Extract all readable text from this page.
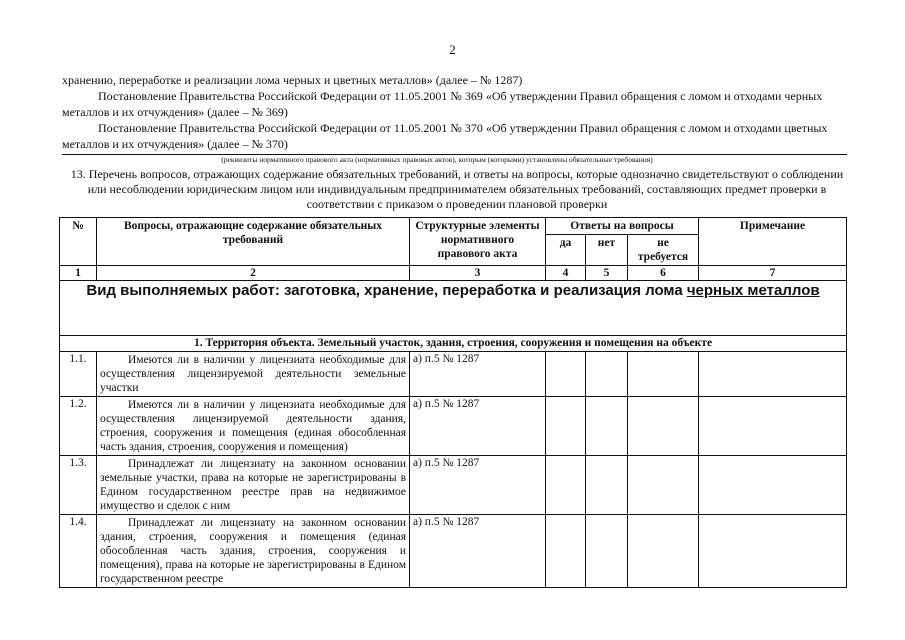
2

хранению, переработке и реализации лома черных и цветных металлов» (далее – № 1287)

Постановление Правительства Российской Федерации от 11.05.2001 № 369 «Об утверждении Правил обращения с ломом и отходами черных металлов и их отчуждения» (далее – № 369)

Постановление Правительства Российской Федерации от 11.05.2001 № 370 «Об утверждении Правил обращения с ломом и отходами цветных металлов и их отчуждения» (далее – № 370)

(реквизиты нормативного правового акта (нормативных правовых актов), которым (которыми) установлены обязательные требования)
13. Перечень вопросов, отражающих содержание обязательных требований, и ответы на вопросы, которые однозначно свидетельствуют о соблюдении или несоблюдении юридическим лицом или индивидуальным предпринимателем обязательных требований, составляющих предмет проверки в соответствии с приказом о проведении плановой проверки
№	Вопросы, отражающие содержание обязательных требований	Структурные элементы нормативного правового акта	Ответы на вопросы			Примечание
			да	нет	не требуется	
1	2	3	4	5	6	7
Вид выполняемых работ: заготовка, хранение, переработка и реализация лома черных металлов						
1. Территория объекта. Земельный участок, здания, строения, сооружения и помещения на объекте						
1.1.	Имеются ли в наличии у лицензиата необходимые для осуществления лицензируемой деятельности земельные участки	а) п.5 № 1287				
1.2.	Имеются ли в наличии у лицензиата необходимые для осуществления лицензируемой деятельности здания, строения, сооружения и помещения (единая обособленная часть здания, строения, сооружения и помещения)	а) п.5 № 1287				
1.3.	Принадлежат ли лицензиату на законном основании земельные участки, права на которые не зарегистрированы в Едином государственном реестре прав на недвижимое имущество и сделок с ним	а) п.5 № 1287				
1.4.	Принадлежат ли лицензиату на законном основании здания, строения, сооружения и помещения (единая обособленная часть здания, строения, сооружения и помещения), права на которые не зарегистрированы в Едином государственном реестре	а) п.5 № 1287				
